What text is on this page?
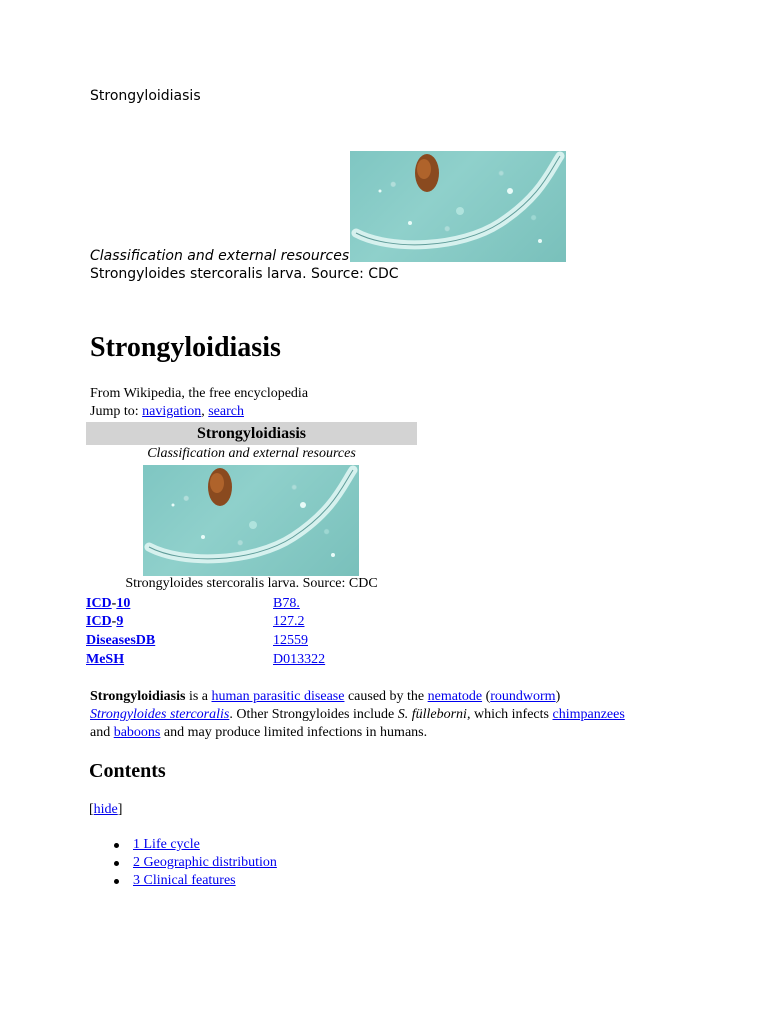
Strongyloidiasis
Classification and external resources
Strongyloides stercoralis larva. Source: CDC
Strongyloidiasis
From Wikipedia, the free encyclopedia
Jump to: navigation, search
Strongyloidiasis
Classification and external resources
Strongyloides stercoralis larva. Source: CDC
ICD-10	B78.
ICD-9	127.2
DiseasesDB	12559
MeSH	D013322
Strongyloidiasis is a human parasitic disease caused by the nematode (roundworm)
Strongyloides stercoralis. Other Strongyloides include S. fülleborni, which infects chimpanzees
and baboons and may produce limited infections in humans.
Contents
[hide]
1 Life cycle
2 Geographic distribution
3 Clinical features
